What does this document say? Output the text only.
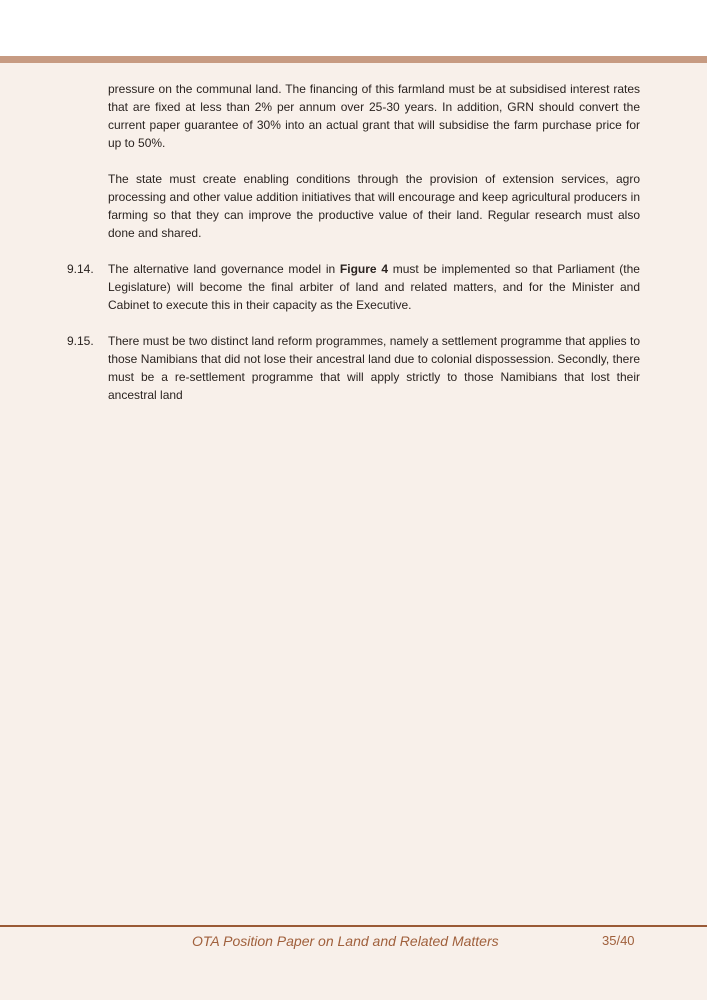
pressure on the communal land. The financing of this farmland must be at subsidised interest rates that are fixed at less than 2% per annum over 25-30 years. In addition, GRN should convert the current paper guarantee of 30% into an actual grant that will subsidise the farm purchase price for up to 50%.

The state must create enabling conditions through the provision of extension services, agro processing and other value addition initiatives that will encourage and keep agricultural producers in farming so that they can improve the productive value of their land. Regular research must also done and shared.

9.14. The alternative land governance model in Figure 4 must be implemented so that Parliament (the Legislature) will become the final arbiter of land and related matters, and for the Minister and Cabinet to execute this in their capacity as the Executive.
9.15. There must be two distinct land reform programmes, namely a settlement programme that applies to those Namibians that did not lose their ancestral land due to colonial dispossession. Secondly, there must be a re-settlement programme that will apply strictly to those Namibians that lost their ancestral land
OTA Position Paper on Land and Related Matters	35/40
